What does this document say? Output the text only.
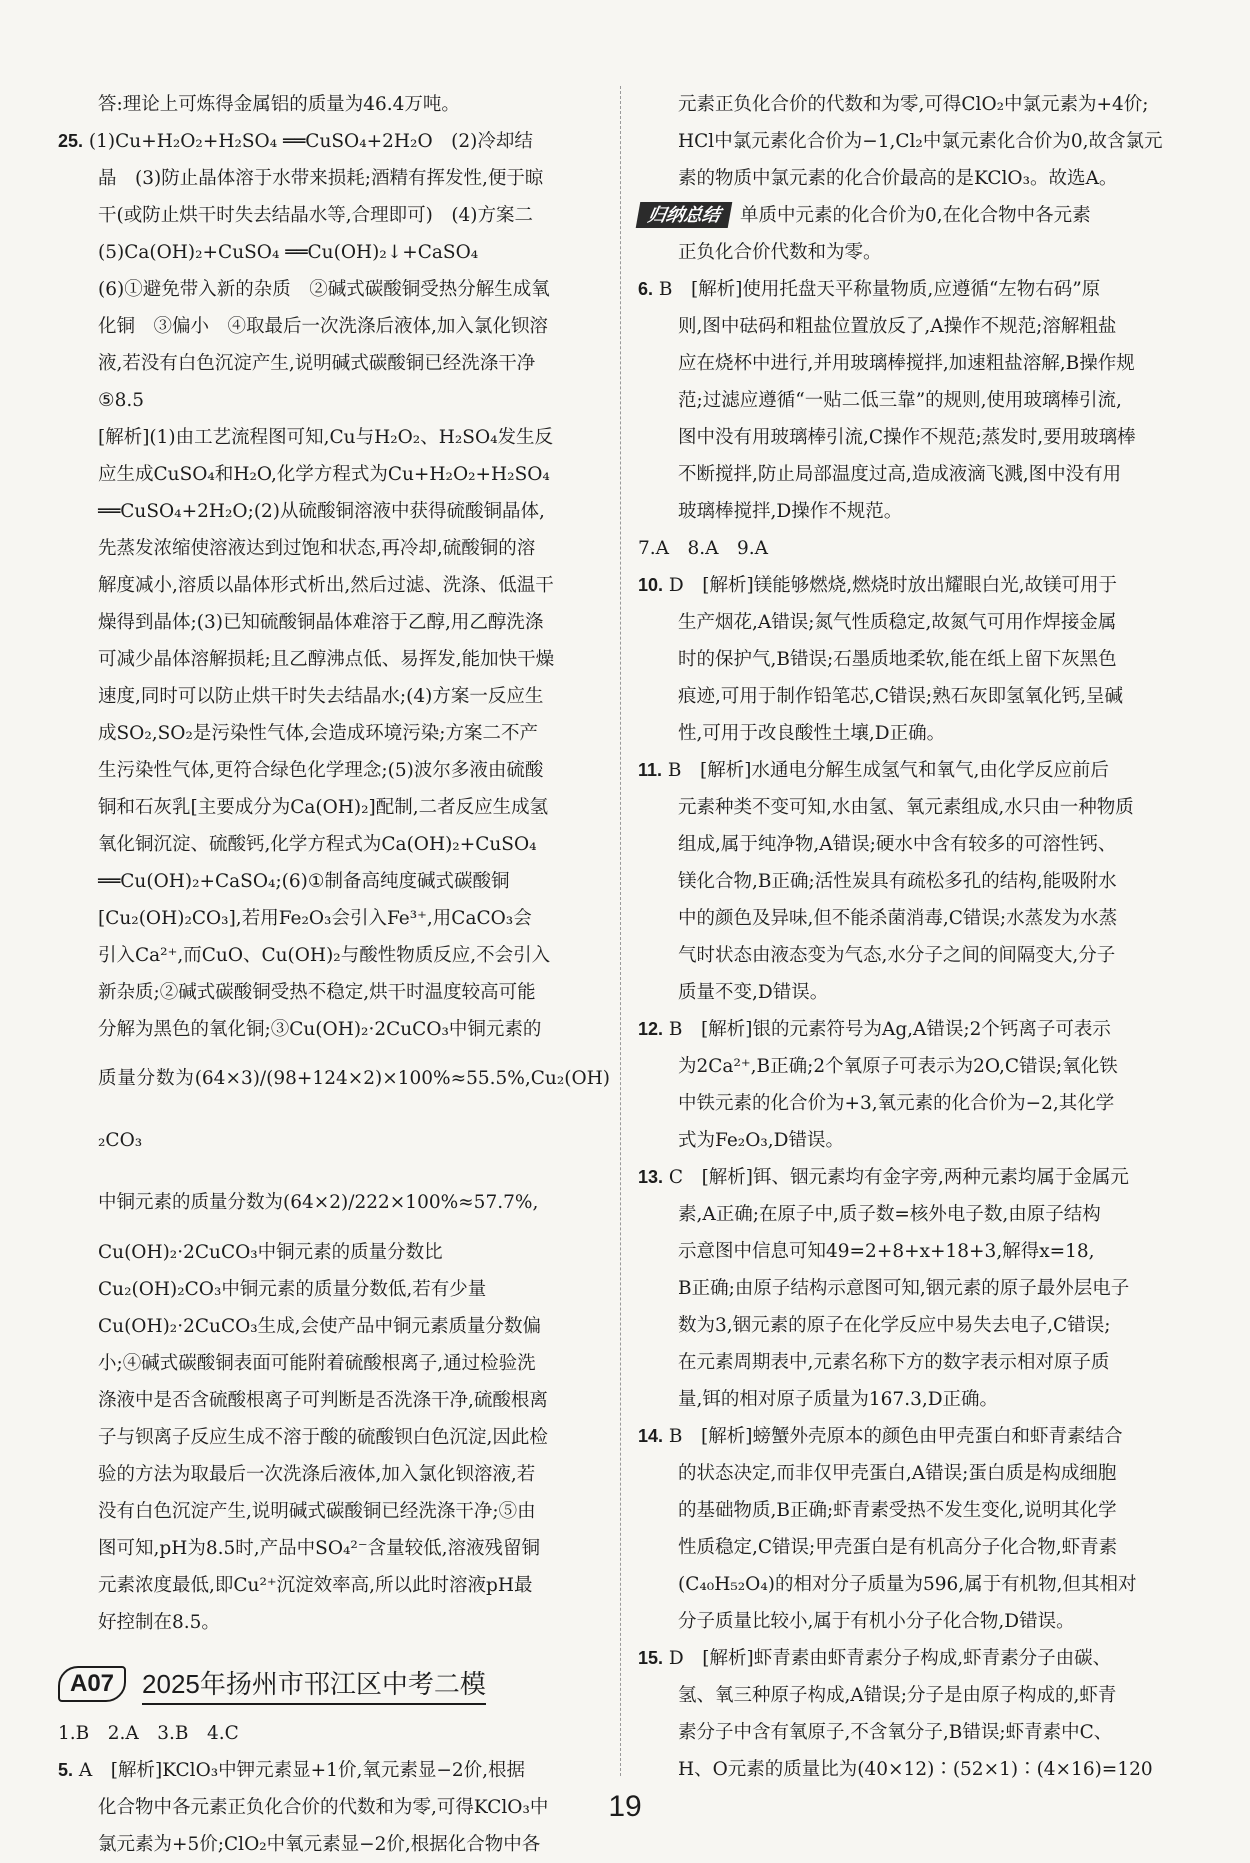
答:理论上可炼得金属铝的质量为46.4万吨。

25. (1)Cu+H₂O₂+H₂SO₄ ══CuSO₄+2H₂O　(2)冷却结

晶　(3)防止晶体溶于水带来损耗;酒精有挥发性,便于晾

干(或防止烘干时失去结晶水等,合理即可)　(4)方案二

(5)Ca(OH)₂+CuSO₄ ══Cu(OH)₂↓+CaSO₄

(6)①避免带入新的杂质　②碱式碳酸铜受热分解生成氧

化铜　③偏小　④取最后一次洗涤后液体,加入氯化钡溶

液,若没有白色沉淀产生,说明碱式碳酸铜已经洗涤干净

⑤8.5

[解析](1)由工艺流程图可知,Cu与H₂O₂、H₂SO₄发生反

应生成CuSO₄和H₂O,化学方程式为Cu+H₂O₂+H₂SO₄

══CuSO₄+2H₂O;(2)从硫酸铜溶液中获得硫酸铜晶体,

先蒸发浓缩使溶液达到过饱和状态,再冷却,硫酸铜的溶

解度减小,溶质以晶体形式析出,然后过滤、洗涤、低温干

燥得到晶体;(3)已知硫酸铜晶体难溶于乙醇,用乙醇洗涤

可减少晶体溶解损耗;且乙醇沸点低、易挥发,能加快干燥

速度,同时可以防止烘干时失去结晶水;(4)方案一反应生

成SO₂,SO₂是污染性气体,会造成环境污染;方案二不产

生污染性气体,更符合绿色化学理念;(5)波尔多液由硫酸

铜和石灰乳[主要成分为Ca(OH)₂]配制,二者反应生成氢

氧化铜沉淀、硫酸钙,化学方程式为Ca(OH)₂+CuSO₄

══Cu(OH)₂+CaSO₄;(6)①制备高纯度碱式碳酸铜

[Cu₂(OH)₂CO₃],若用Fe₂O₃会引入Fe³⁺,用CaCO₃会

引入Ca²⁺,而CuO、Cu(OH)₂与酸性物质反应,不会引入

新杂质;②碱式碳酸铜受热不稳定,烘干时温度较高可能

分解为黑色的氧化铜;③Cu(OH)₂·2CuCO₃中铜元素的

质量分数为(64×3)/(98+124×2)×100%≈55.5%,Cu₂(OH)₂CO₃

中铜元素的质量分数为(64×2)/222×100%≈57.7%,

Cu(OH)₂·2CuCO₃中铜元素的质量分数比

Cu₂(OH)₂CO₃中铜元素的质量分数低,若有少量

Cu(OH)₂·2CuCO₃生成,会使产品中铜元素质量分数偏

小;④碱式碳酸铜表面可能附着硫酸根离子,通过检验洗

涤液中是否含硫酸根离子可判断是否洗涤干净,硫酸根离

子与钡离子反应生成不溶于酸的硫酸钡白色沉淀,因此检

验的方法为取最后一次洗涤后液体,加入氯化钡溶液,若

没有白色沉淀产生,说明碱式碳酸铜已经洗涤干净;⑤由

图可知,pH为8.5时,产品中SO₄²⁻含量较低,溶液残留铜

元素浓度最低,即Cu²⁺沉淀效率高,所以此时溶液pH最

好控制在8.5。

A07	2025年扬州市邗江区中考二模

1.B　2.A　3.B　4.C

5. A　[解析]KClO₃中钾元素显+1价,氧元素显−2价,根据

化合物中各元素正负化合价的代数和为零,可得KClO₃中

氯元素为+5价;ClO₂中氧元素显−2价,根据化合物中各

元素正负化合价的代数和为零,可得ClO₂中氯元素为+4价;

HCl中氯元素化合价为−1,Cl₂中氯元素化合价为0,故含氯元

素的物质中氯元素的化合价最高的是KClO₃。故选A。

归纳总结 单质中元素的化合价为0,在化合物中各元素

正负化合价代数和为零。

6. B　[解析]使用托盘天平称量物质,应遵循“左物右码”原

则,图中砝码和粗盐位置放反了,A操作不规范;溶解粗盐

应在烧杯中进行,并用玻璃棒搅拌,加速粗盐溶解,B操作规

范;过滤应遵循“一贴二低三靠”的规则,使用玻璃棒引流,

图中没有用玻璃棒引流,C操作不规范;蒸发时,要用玻璃棒

不断搅拌,防止局部温度过高,造成液滴飞溅,图中没有用

玻璃棒搅拌,D操作不规范。

7.A　8.A　9.A

10. D　[解析]镁能够燃烧,燃烧时放出耀眼白光,故镁可用于

生产烟花,A错误;氮气性质稳定,故氮气可用作焊接金属

时的保护气,B错误;石墨质地柔软,能在纸上留下灰黑色

痕迹,可用于制作铅笔芯,C错误;熟石灰即氢氧化钙,呈碱

性,可用于改良酸性土壤,D正确。

11. B　[解析]水通电分解生成氢气和氧气,由化学反应前后

元素种类不变可知,水由氢、氧元素组成,水只由一种物质

组成,属于纯净物,A错误;硬水中含有较多的可溶性钙、

镁化合物,B正确;活性炭具有疏松多孔的结构,能吸附水

中的颜色及异味,但不能杀菌消毒,C错误;水蒸发为水蒸

气时状态由液态变为气态,水分子之间的间隔变大,分子

质量不变,D错误。

12. B　[解析]银的元素符号为Ag,A错误;2个钙离子可表示

为2Ca²⁺,B正确;2个氧原子可表示为2O,C错误;氧化铁

中铁元素的化合价为+3,氧元素的化合价为−2,其化学

式为Fe₂O₃,D错误。

13. C　[解析]铒、铟元素均有金字旁,两种元素均属于金属元

素,A正确;在原子中,质子数=核外电子数,由原子结构

示意图中信息可知49=2+8+x+18+3,解得x=18,

B正确;由原子结构示意图可知,铟元素的原子最外层电子

数为3,铟元素的原子在化学反应中易失去电子,C错误;

在元素周期表中,元素名称下方的数字表示相对原子质

量,铒的相对原子质量为167.3,D正确。

14. B　[解析]螃蟹外壳原本的颜色由甲壳蛋白和虾青素结合

的状态决定,而非仅甲壳蛋白,A错误;蛋白质是构成细胞

的基础物质,B正确;虾青素受热不发生变化,说明其化学

性质稳定,C错误;甲壳蛋白是有机高分子化合物,虾青素

(C₄₀H₅₂O₄)的相对分子质量为596,属于有机物,但其相对

分子质量比较小,属于有机小分子化合物,D错误。

15. D　[解析]虾青素由虾青素分子构成,虾青素分子由碳、

氢、氧三种原子构成,A错误;分子是由原子构成的,虾青

素分子中含有氧原子,不含氧分子,B错误;虾青素中C、

H、O元素的质量比为(40×12)∶(52×1)∶(4×16)=120

19
